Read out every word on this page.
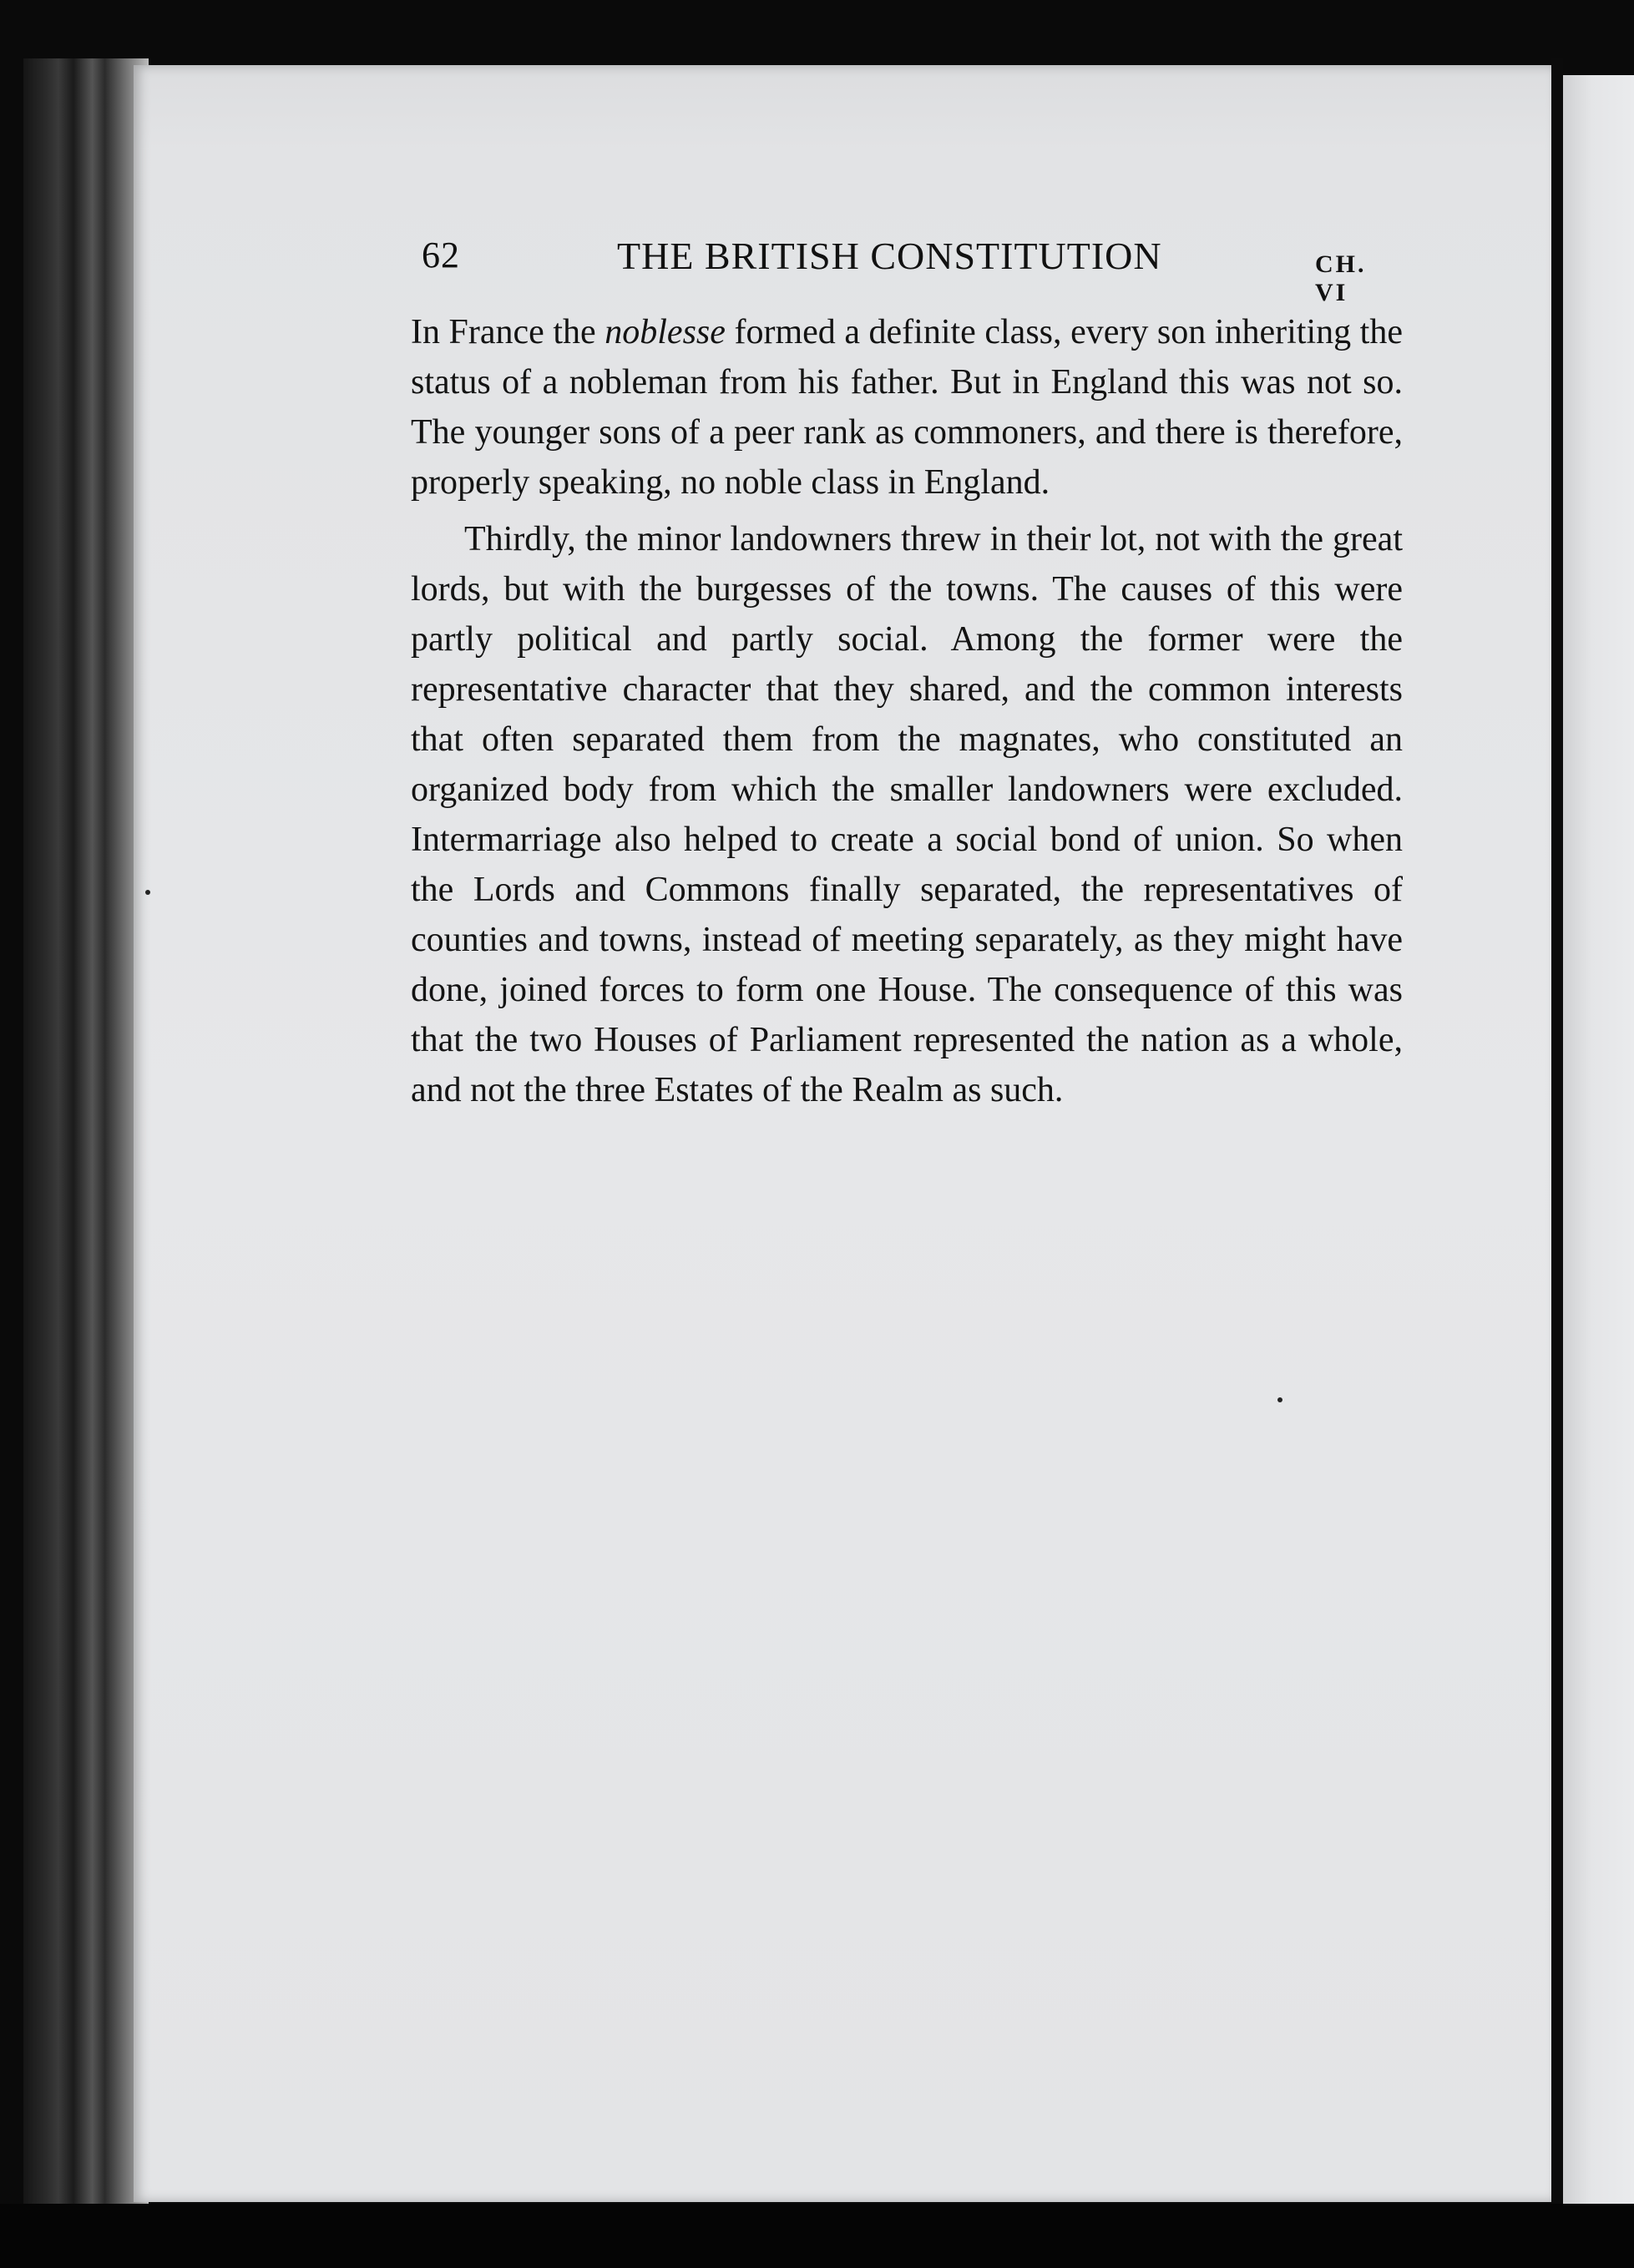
62	THE BRITISH CONSTITUTION	CH. VI

In France the noblesse formed a definite class, every son inheriting the status of a nobleman from his father. But in England this was not so. The younger sons of a peer rank as commoners, and there is therefore, properly speaking, no noble class in England.

Thirdly, the minor landowners threw in their lot, not with the great lords, but with the burgesses of the towns. The causes of this were partly political and partly social. Among the former were the representative character that they shared, and the common interests that often separated them from the magnates, who constituted an organized body from which the smaller landowners were excluded. Intermarriage also helped to create a social bond of union. So when the Lords and Commons finally separated, the representatives of counties and towns, instead of meeting separately, as they might have done, joined forces to form one House. The consequence of this was that the two Houses of Parliament represented the nation as a whole, and not the three Estates of the Realm as such.
